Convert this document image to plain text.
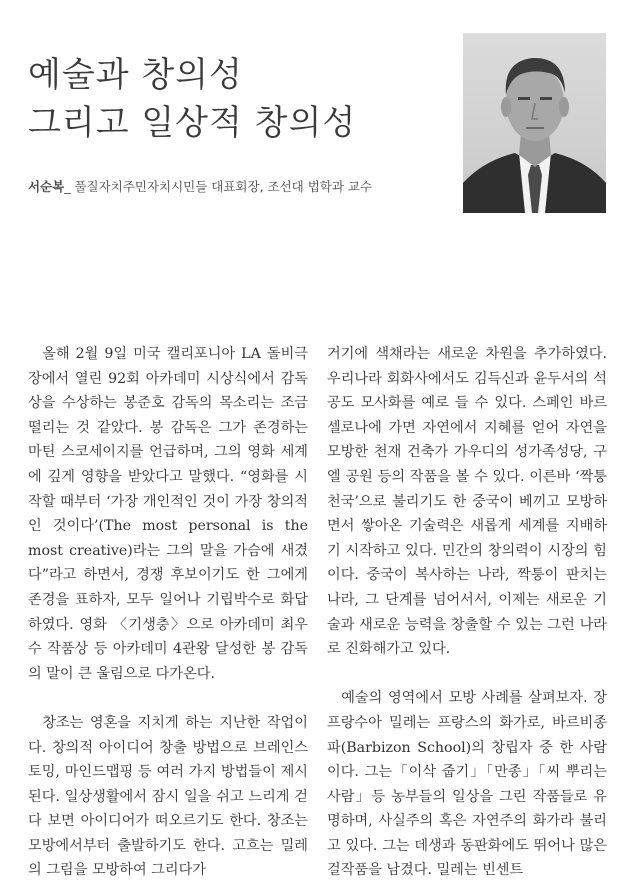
예술과 창의성
그리고 일상적 창의성
서순복_ 풀질자치주민자치시민들 대표회장, 조선대 법학과 교수

올해 2월 9일 미국 캘리포니아 LA 돌비극장에서 열린 92회 아카데미 시상식에서 감독상을 수상하는 봉준호 감독의 목소리는 조금 떨리는 것 같았다. 봉 감독은 그가 존경하는 마틴 스코세이지를 언급하며, 그의 영화 세계에 깊게 영향을 받았다고 말했다. “영화를 시작할 때부터 ‘가장 개인적인 것이 가장 창의적인 것이다’(The most personal is the most creative)라는 그의 말을 가슴에 새겼다”라고 하면서, 경쟁 후보이기도 한 그에게 존경을 표하자, 모두 일어나 기립박수로 화답하였다. 영화 〈기생충〉으로 아카데미 최우수 작품상 등 아카데미 4관왕 달성한 봉 감독의 말이 큰 울림으로 다가온다.

창조는 영혼을 지치게 하는 지난한 작업이다. 창의적 아이디어 창출 방법으로 브레인스토밍, 마인드맵핑 등 여러 가지 방법들이 제시된다. 일상생활에서 잠시 일을 쉬고 느리게 걷다 보면 아이디어가 떠오르기도 한다. 창조는 모방에서부터 출발하기도 한다. 고흐는 밀레의 그림을 모방하여 그리다가

거기에 색채라는 새로운 차원을 추가하였다. 우리나라 회화사에서도 김득신과 윤두서의 석공도 모사화를 예로 들 수 있다. 스페인 바르셀로나에 가면 자연에서 지혜를 얻어 자연을 모방한 천재 건축가 가우디의 성가족성당, 구엘 공원 등의 작품을 볼 수 있다. 이른바 ‘짝퉁 천국’으로 불리기도 한 중국이 베끼고 모방하면서 쌓아온 기술력은 새롭게 세계를 지배하기 시작하고 있다. 민간의 창의력이 시장의 힘이다. 중국이 복사하는 나라, 짝퉁이 판치는 나라, 그 단계를 넘어서서, 이제는 새로운 기술과 새로운 능력을 창출할 수 있는 그런 나라로 진화해가고 있다.

예술의 영역에서 모방 사례를 살펴보자. 장 프랑수아 밀레는 프랑스의 화가로, 바르비종 파(Barbizon School)의 창립자 중 한 사람이다. 그는「이삭 줍기」「만종」「씨 뿌리는 사람」등 농부들의 일상을 그린 작품들로 유명하며, 사실주의 혹은 자연주의 화가라 불리고 있다. 그는 데생과 동판화에도 뛰어나 많은 걸작품을 남겼다. 밀레는 빈센트
